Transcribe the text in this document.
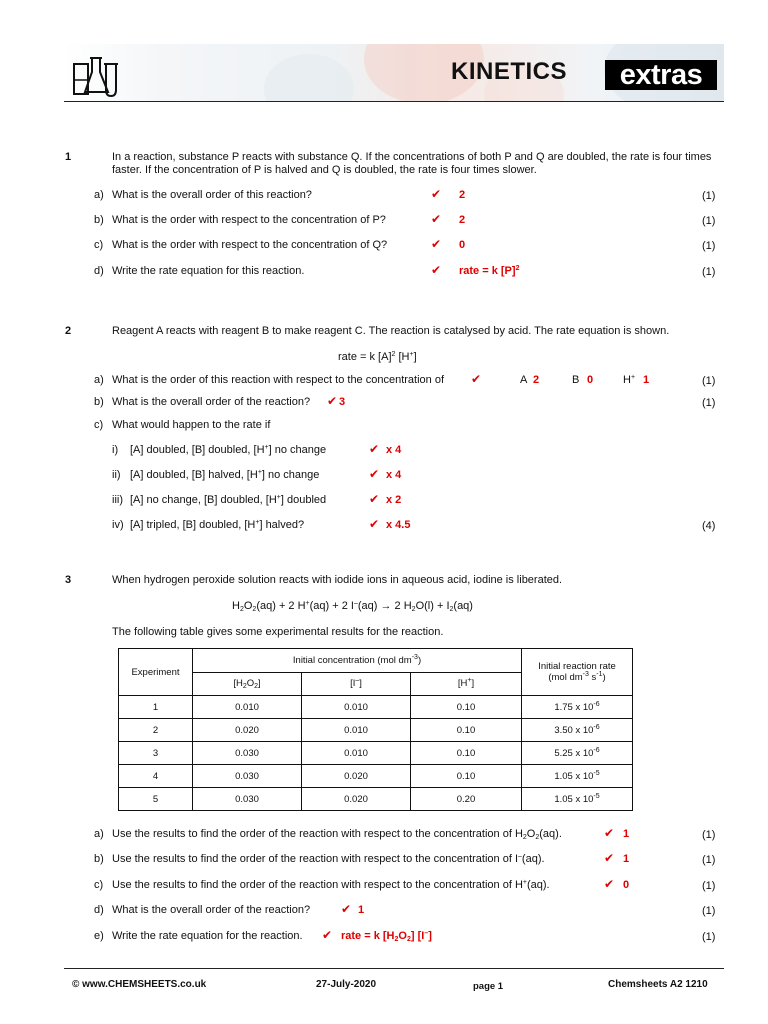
KINETICS	extras
1	In a reaction, substance P reacts with substance Q. If the concentrations of both P and Q are doubled, the rate is four times faster. If the concentration of P is halved and Q is doubled, the rate is four times slower.
a) What is the overall order of this reaction?	✔ 2	(1)
b) What is the order with respect to the concentration of P?	✔ 2	(1)
c) What is the order with respect to the concentration of Q?	✔ 0	(1)
d) Write the rate equation for this reaction.	✔ rate = k $[P]^2$	(1)
2	Reagent A reacts with reagent B to make reagent C. The reaction is catalysed by acid. The rate equation is shown.
rate = k $[A]^2$ [H+]
a) What is the order of this reaction with respect to the concentration of ✔	A 2	B 0	H+ 1	(1)
b) What is the overall order of the reaction? ✔ 3	(1)
c) What would happen to the rate if
i) [A] doubled, [B] doubled, [H+] no change	✔ x 4
ii) [A] doubled, [B] halved, [H+] no change	✔ x 4
iii) [A] no change, [B] doubled, [H+] doubled	✔ x 2
iv) [A] tripled, [B] doubled, [H+] halved?	✔ x 4.5	(4)
3	When hydrogen peroxide solution reacts with iodide ions in aqueous acid, iodine is liberated.
$H_2O_2(aq) + 2$ H+(aq) + 2 I–(aq) → 2 $H_2O(l) + I_2(aq)$
The following table gives some experimental results for the reaction.
Experiment	Initial concentration (mol $dm^{-3}$)			Initial reaction rate
(mol $dm^{-3}$ $s^{-1}$)
	$[H_2O_2]$	[I–]	[H+]	
1	0.010	0.010	0.10	1.75 x $10^{-6}$
2	0.020	0.010	0.10	3.50 x $10^{-6}$
3	0.030	0.010	0.10	5.25 x $10^{-6}$
4	0.030	0.020	0.10	1.05 x $10^{-5}$
5	0.030	0.020	0.20	1.05 x $10^{-5}$
a) Use the results to find the order of the reaction with respect to the concentration of $H_2O_2(aq)$.	✔ 1	(1)
b) Use the results to find the order of the reaction with respect to the concentration of I–(aq).	✔ 1	(1)
c) Use the results to find the order of the reaction with respect to the concentration of H+(aq).	✔ 0	(1)
d) What is the overall order of the reaction?	✔ 1	(1)
e) Write the rate equation for the reaction. ✔ rate = k $[H_2O_2]$ [I–]	(1)
© www.CHEMSHEETS.co.uk	27-July-2020	page 1	Chemsheets A2 1210
